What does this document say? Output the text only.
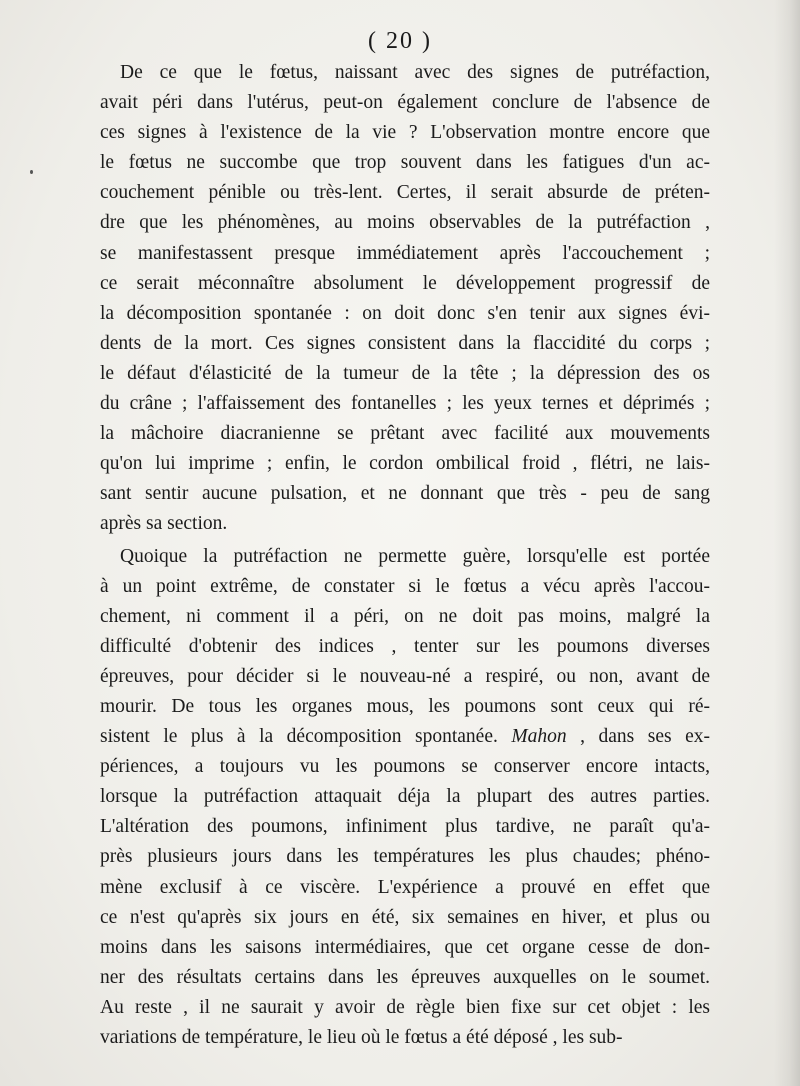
( 20 )
De ce que le fœtus, naissant avec des signes de putréfaction,
avait péri dans l'utérus, peut-on également conclure de l'absence de
ces signes à l'existence de la vie ? L'observation montre encore que
le fœtus ne succombe que trop souvent dans les fatigues d'un ac-
couchement pénible ou très-lent. Certes, il serait absurde de préten-
dre que les phénomènes, au moins observables de la putréfaction ,
se manifestassent presque immédiatement après l'accouchement ;
ce serait méconnaître absolument le développement progressif de
la décomposition spontanée : on doit donc s'en tenir aux signes évi-
dents de la mort. Ces signes consistent dans la flaccidité du corps ;
le défaut d'élasticité de la tumeur de la tête ; la dépression des os
du crâne ; l'affaissement des fontanelles ; les yeux ternes et déprimés ;
la mâchoire diacranienne se prêtant avec facilité aux mouvements
qu'on lui imprime ; enfin, le cordon ombilical froid , flétri, ne lais-
sant sentir aucune pulsation, et ne donnant que très - peu de sang
après sa section.
Quoique la putréfaction ne permette guère, lorsqu'elle est portée
à un point extrême, de constater si le fœtus a vécu après l'accou-
chement, ni comment il a péri, on ne doit pas moins, malgré la
difficulté d'obtenir des indices , tenter sur les poumons diverses
épreuves, pour décider si le nouveau-né a respiré, ou non, avant de
mourir. De tous les organes mous, les poumons sont ceux qui ré-
sistent le plus à la décomposition spontanée. Mahon , dans ses ex-
périences, a toujours vu les poumons se conserver encore intacts,
lorsque la putréfaction attaquait déja la plupart des autres parties.
L'altération des poumons, infiniment plus tardive, ne paraît qu'a-
près plusieurs jours dans les températures les plus chaudes; phéno-
mène exclusif à ce viscère. L'expérience a prouvé en effet que
ce n'est qu'après six jours en été, six semaines en hiver, et plus ou
moins dans les saisons intermédiaires, que cet organe cesse de don-
ner des résultats certains dans les épreuves auxquelles on le soumet.
Au reste , il ne saurait y avoir de règle bien fixe sur cet objet : les
variations de température, le lieu où le fœtus a été déposé , les sub-
